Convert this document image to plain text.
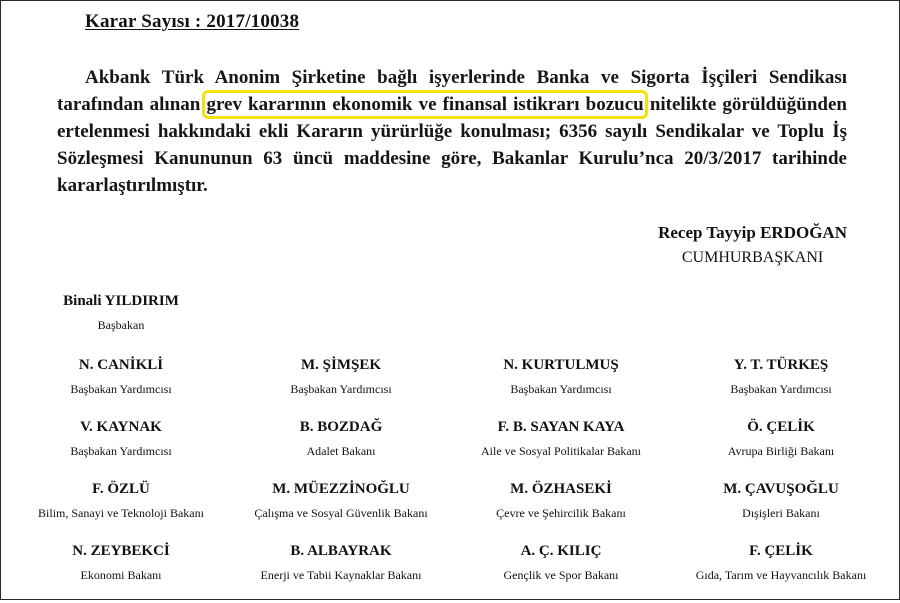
Karar Sayısı : 2017/10038

Akbank Türk Anonim Şirketine bağlı işyerlerinde Banka ve Sigorta İşçileri Sendikası tarafından alınan grev kararının ekonomik ve finansal istikrarı bozucu nitelikte görüldüğünden ertelenmesi hakkındaki ekli Kararın yürürlüğe konulması; 6356 sayılı Sendikalar ve Toplu İş Sözleşmesi Kanununun 63 üncü maddesine göre, Bakanlar Kurulu’nca 20/3/2017 tarihinde kararlaştırılmıştır.

Recep Tayyip ERDOĞAN
CUMHURBAŞKANI
Binali YILDIRIM
Başbakan
N. CANİKLİ
Başbakan Yardımcısı
M. ŞİMŞEK
Başbakan Yardımcısı
N. KURTULMUŞ
Başbakan Yardımcısı
Y. T. TÜRKEŞ
Başbakan Yardımcısı
V. KAYNAK
Başbakan Yardımcısı
B. BOZDAĞ
Adalet Bakanı
F. B. SAYAN KAYA
Aile ve Sosyal Politikalar Bakanı
Ö. ÇELİK
Avrupa Birliği Bakanı
F. ÖZLÜ
Bilim, Sanayi ve Teknoloji Bakanı
M. MÜEZZİNOĞLU
Çalışma ve Sosyal Güvenlik Bakanı
M. ÖZHASEKİ
Çevre ve Şehircilik Bakanı
M. ÇAVUŞOĞLU
Dışişleri Bakanı
N. ZEYBEKCİ
Ekonomi Bakanı
B. ALBAYRAK
Enerji ve Tabii Kaynaklar Bakanı
A. Ç. KILIÇ
Gençlik ve Spor Bakanı
F. ÇELİK
Gıda, Tarım ve Hayvancılık Bakanı
